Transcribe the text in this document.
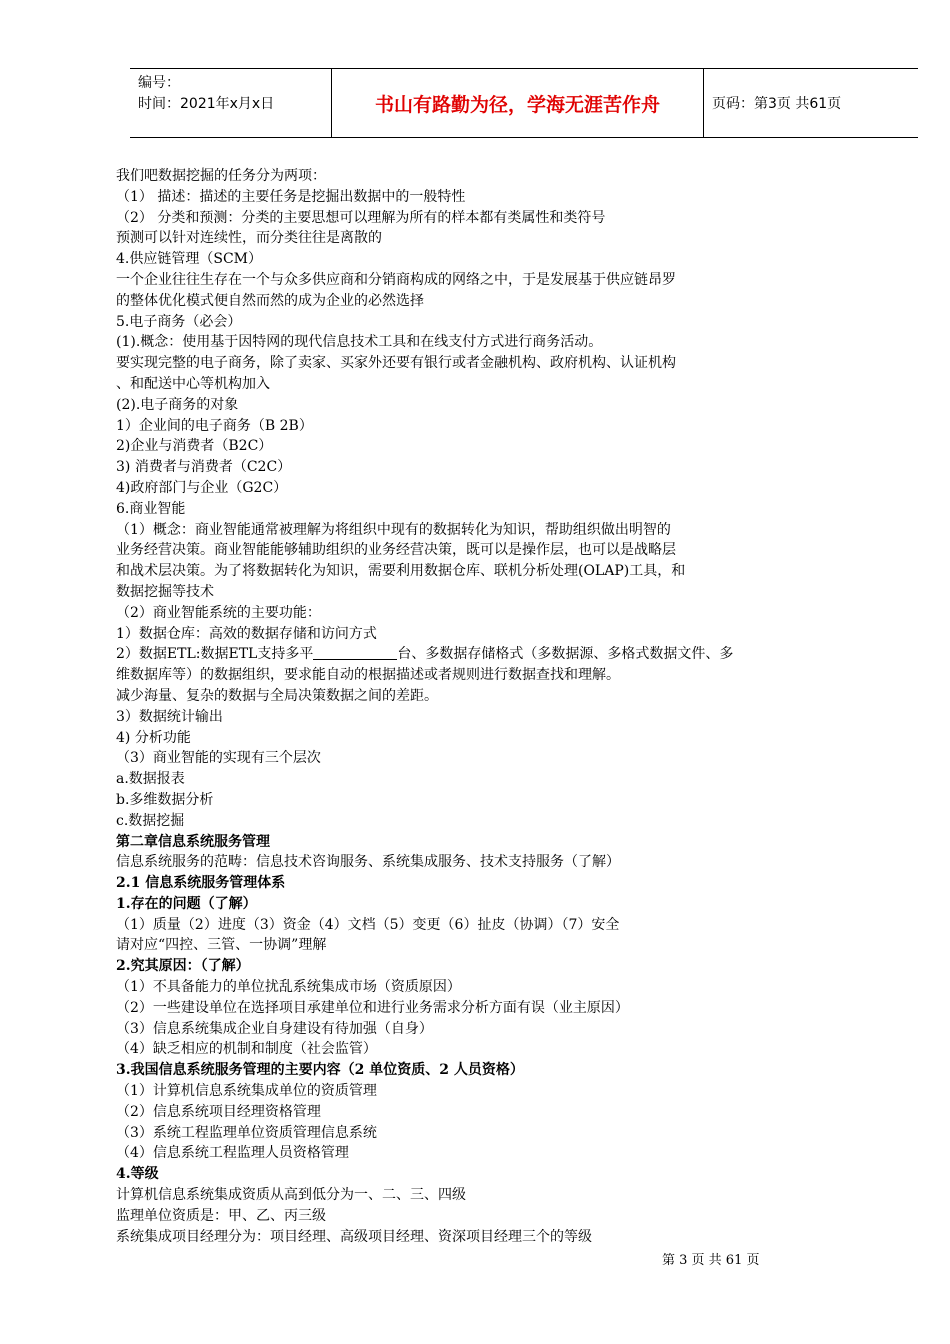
编号：
时间：2021年x月x日	书山有路勤为径，学海无涯苦作舟	页码：第3页 共61页
我们吧数据挖掘的任务分为两项：
（1） 描述：描述的主要任务是挖掘出数据中的一般特性
（2） 分类和预测：分类的主要思想可以理解为所有的样本都有类属性和类符号
预测可以针对连续性，而分类往往是离散的
4.供应链管理（SCM）
一个企业往往生存在一个与众多供应商和分销商构成的网络之中，于是发展基于供应链昂罗
的整体优化模式便自然而然的成为企业的必然选择
5.电子商务（必会）
(1).概念：使用基于因特网的现代信息技术工具和在线支付方式进行商务活动。
要实现完整的电子商务，除了卖家、买家外还要有银行或者金融机构、政府机构、认证机构
、和配送中心等机构加入
(2).电子商务的对象
1）企业间的电子商务（B 2B）
2)企业与消费者（B2C）
3) 消费者与消费者（C2C）
4)政府部门与企业（G2C）
6.商业智能
（1）概念：商业智能通常被理解为将组织中现有的数据转化为知识，帮助组织做出明智的
业务经营决策。商业智能能够辅助组织的业务经营决策，既可以是操作层，也可以是战略层
和战术层决策。为了将数据转化为知识，需要利用数据仓库、联机分析处理(OLAP)工具，和
数据挖掘等技术
（2）商业智能系统的主要功能：
1）数据仓库：高效的数据存储和访问方式
2）数据ETL:数据ETL支持多平	台、多数据存储格式（多数据源、多格式数据文件、多
维数据库等）的数据组织，要求能自动的根据描述或者规则进行数据查找和理解。
减少海量、复杂的数据与全局决策数据之间的差距。
3）数据统计输出
4) 分析功能
（3）商业智能的实现有三个层次
a.数据报表
b.多维数据分析
c.数据挖掘
第二章信息系统服务管理
信息系统服务的范畴：信息技术咨询服务、系统集成服务、技术支持服务（了解）
2.1 信息系统服务管理体系
1.存在的问题（了解）
（1）质量（2）进度（3）资金（4）文档（5）变更（6）扯皮（协调）（7）安全
请对应“四控、三管、一协调”理解
2.究其原因：（了解）
（1）不具备能力的单位扰乱系统集成市场（资质原因）
（2）一些建设单位在选择项目承建单位和进行业务需求分析方面有误（业主原因）
（3）信息系统集成企业自身建设有待加强（自身）
（4）缺乏相应的机制和制度（社会监管）
3.我国信息系统服务管理的主要内容（2 单位资质、2 人员资格）
（1）计算机信息系统集成单位的资质管理
（2）信息系统项目经理资格管理
（3）系统工程监理单位资质管理信息系统
（4）信息系统工程监理人员资格管理
4.等级
计算机信息系统集成资质从高到低分为一、二、三、四级
监理单位资质是：甲、乙、丙三级
系统集成项目经理分为：项目经理、高级项目经理、资深项目经理三个的等级
第 3 页 共 61 页
